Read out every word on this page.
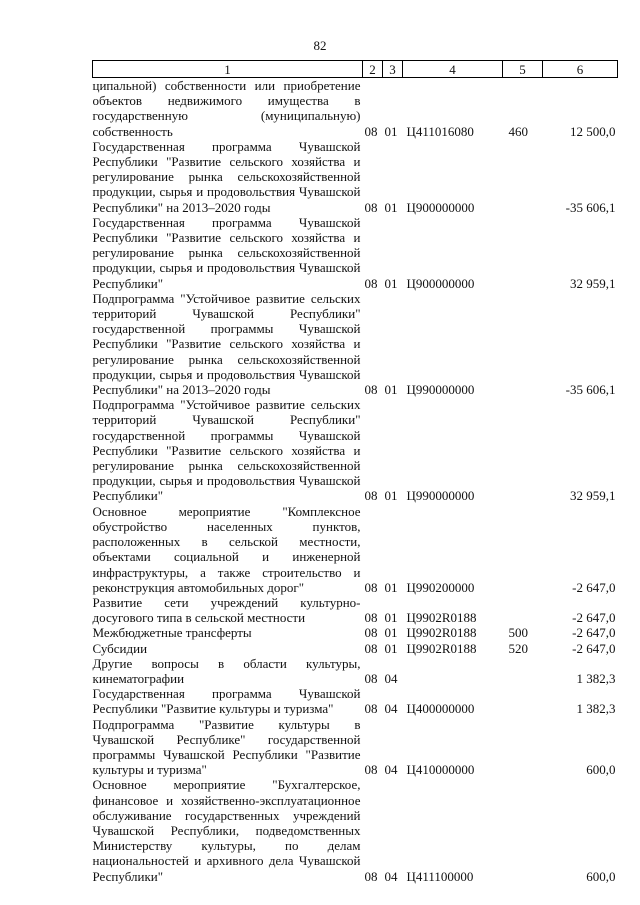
82
1	2	3	4	5	6
ципальной) собственности или приобретение объектов недвижимого имущества в государственную (муниципальную) собственность	08	01	Ц411016080	460	12 500,0
Государственная программа Чувашской Республики "Развитие сельского хозяйства и регулирование рынка сельскохозяйственной продукции, сырья и продовольствия Чувашской Республики" на 2013–2020 годы	08	01	Ц900000000		-35 606,1
Государственная программа Чувашской Республики "Развитие сельского хозяйства и регулирование рынка сельскохозяйственной продукции, сырья и продовольствия Чувашской Республики"	08	01	Ц900000000		32 959,1
Подпрограмма "Устойчивое развитие сельских территорий Чувашской Республики" государственной программы Чувашской Республики "Развитие сельского хозяйства и регулирование рынка сельскохозяйственной продукции, сырья и продовольствия Чувашской Республики" на 2013–2020 годы	08	01	Ц990000000		-35 606,1
Подпрограмма "Устойчивое развитие сельских территорий Чувашской Республики" государственной программы Чувашской Республики "Развитие сельского хозяйства и регулирование рынка сельскохозяйственной продукции, сырья и продовольствия Чувашской Республики"	08	01	Ц990000000		32 959,1
Основное мероприятие "Комплексное обустройство населенных пунктов, расположенных в сельской местности, объектами социальной и инженерной инфраструктуры, а также строительство и реконструкция автомобильных дорог"	08	01	Ц990200000		-2 647,0
Развитие сети учреждений культурно-досугового типа в сельской местности	08	01	Ц9902R0188		-2 647,0
Межбюджетные трансферты	08	01	Ц9902R0188	500	-2 647,0
Субсидии	08	01	Ц9902R0188	520	-2 647,0
Другие вопросы в области культуры, кинематографии	08	04			1 382,3
Государственная программа Чувашской Республики "Развитие культуры и туризма"	08	04	Ц400000000		1 382,3
Подпрограмма "Развитие культуры в Чувашской Республике" государственной программы Чувашской Республики "Развитие культуры и туризма"	08	04	Ц410000000		600,0
Основное мероприятие "Бухгалтерское, финансовое и хозяйственно-эксплуатационное обслуживание государственных учреждений Чувашской Республики, подведомственных Министерству культуры, по делам национальностей и архивного дела Чувашской Республики"	08	04	Ц411100000		600,0
